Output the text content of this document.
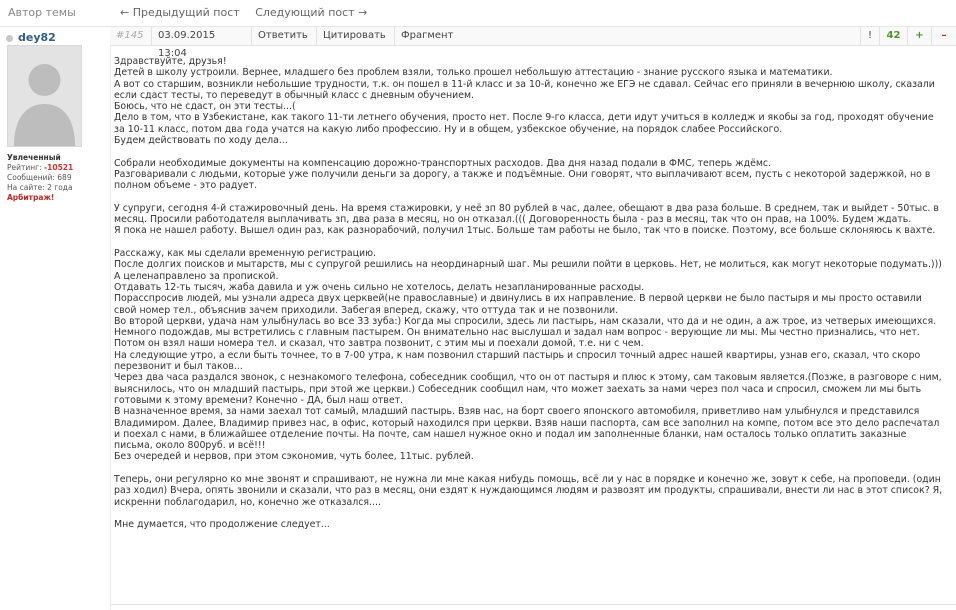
Автор темы	← Предыдущий пост Следующий пост →
dey82
Увлеченный
Рейтинг: -10521
Сообщений: 689
На сайте: 2 года
Арбитраж!
#145	03.09.2015 13:04
Ответить	Цитировать	Фрагмент	!	42	+	–

Здравствуйте, друзья!

Детей в школу устроили. Вернее, младшего без проблем взяли, только прошел небольшую аттестацию - знание русского языка и математики.

А вот со старшим, возникли небольшие трудности, т.к. он пошел в 11-й класс и за 10-й, конечно же ЕГЭ не сдавал. Сейчас его приняли в вечернюю школу, сказали если сдаст тесты, то переведут в обычный класс с дневным обучением.

Боюсь, что не сдаст, он эти тесты...(

Дело в том, что в Узбекистане, как такого 11-ти летнего обучения, просто нет. После 9-го класса, дети идут учиться в колледж и якобы за год, проходят обучение за 10-11 класс, потом два года учатся на какую либо профессию. Ну и в общем, узбекское обучение, на порядок слабее Российского.

Будем действовать по ходу дела...

Собрали необходимые документы на компенсацию дорожно-транспортных расходов. Два дня назад подали в ФМС, теперь ждёмс.

Разговаривали с людьми, которые уже получили деньги за дорогу, а также и подъёмные. Они говорят, что выплачивают всем, пусть с некоторой задержкой, но в полном объеме - это радует.

У супруги, сегодня 4-й стажировочный день. На время стажировки, у неё зп 80 рублей в час, далее, обещают в два раза больше. В среднем, так и выйдет - 50тыс. в месяц. Просили работодателя выплачивать зп, два раза в месяц, но он отказал.((( Договоренность была - раз в месяц, так что он прав, на 100%. Будем ждать.

Я пока не нашел работу. Вышел один раз, как разнорабочий, получил 1тыс. Больше там работы не было, так что в поиске. Поэтому, все больше склоняюсь к вахте.

Расскажу, как мы сделали временную регистрацию.

После долгих поисков и мытарств, мы с супругой решились на неординарный шаг. Мы решили пойти в церковь. Нет, не молиться, как могут некоторые подумать.))) А целенаправлено за пропиской.

Отдавать 12-ть тысяч, жаба давила и уж очень сильно не хотелось, делать незапланированные расходы.

Порасспросив людей, мы узнали адреса двух церквей(не православные) и двинулись в их направление. В первой церкви не было пастыря и мы просто оставили свой номер тел., объяснив зачем приходили. Забегая вперед, скажу, что оттуда так и не позвонили.

Во второй церкви, удача нам улыбнулась во все 33 зуба:) Когда мы спросили, здесь ли пастырь, нам сказали, что да и не один, а аж трое, из четверых имеющихся. Немного подождав, мы встретились с главным пастырем. Он внимательно нас выслушал и задал нам вопрос - верующие ли мы. Мы честно признались, что нет. Потом он взял наши номера тел. и сказал, что завтра позвонит, с этим мы и поехали домой, т.е. ни с чем.

На следующие утро, а если быть точнее, то в 7-00 утра, к нам позвонил старший пастырь и спросил точный адрес нашей квартиры, узнав его, сказал, что скоро перезвонит и был таков...

Через два часа раздался звонок, с незнакомого телефона, собеседник сообщил, что он от пастыря и плюс к этому, сам таковым является.(Позже, в разговоре с ним, выяснилось, что он младший пастырь, при этой же церкви.) Собеседник сообщил нам, что может заехать за нами через пол часа и спросил, сможем ли мы быть готовыми к этому времени? Конечно - ДА, был наш ответ.

В назначенное время, за нами заехал тот самый, младший пастырь. Взяв нас, на борт своего японского автомобиля, приветливо нам улыбнулся и представился Владимиром. Далее, Владимир привез нас, в офис, который находился при церкви. Взяв наши паспорта, сам все заполнил на компе, потом все это дело распечатал и поехал с нами, в ближайшее отделение почты. На почте, сам нашел нужное окно и подал им заполненные бланки, нам осталось только оплатить заказные письма, около 800руб. и всё!!!

Без очередей и нервов, при этом сэкономив, чуть более, 11тыс. рублей.

Теперь, они регулярно ко мне звонят и спрашивают, не нужна ли мне какая нибудь помощь, всё ли у нас в порядке и конечно же, зовут к себе, на проповеди. (один раз ходил) Вчера, опять звонили и сказали, что раз в месяц, они ездят к нуждающимся людям и развозят им продукты, спрашивали, внести ли нас в этот список? Я, искренни поблагодарил, но, конечно же отказался....

Мне думается, что продолжение следует...
